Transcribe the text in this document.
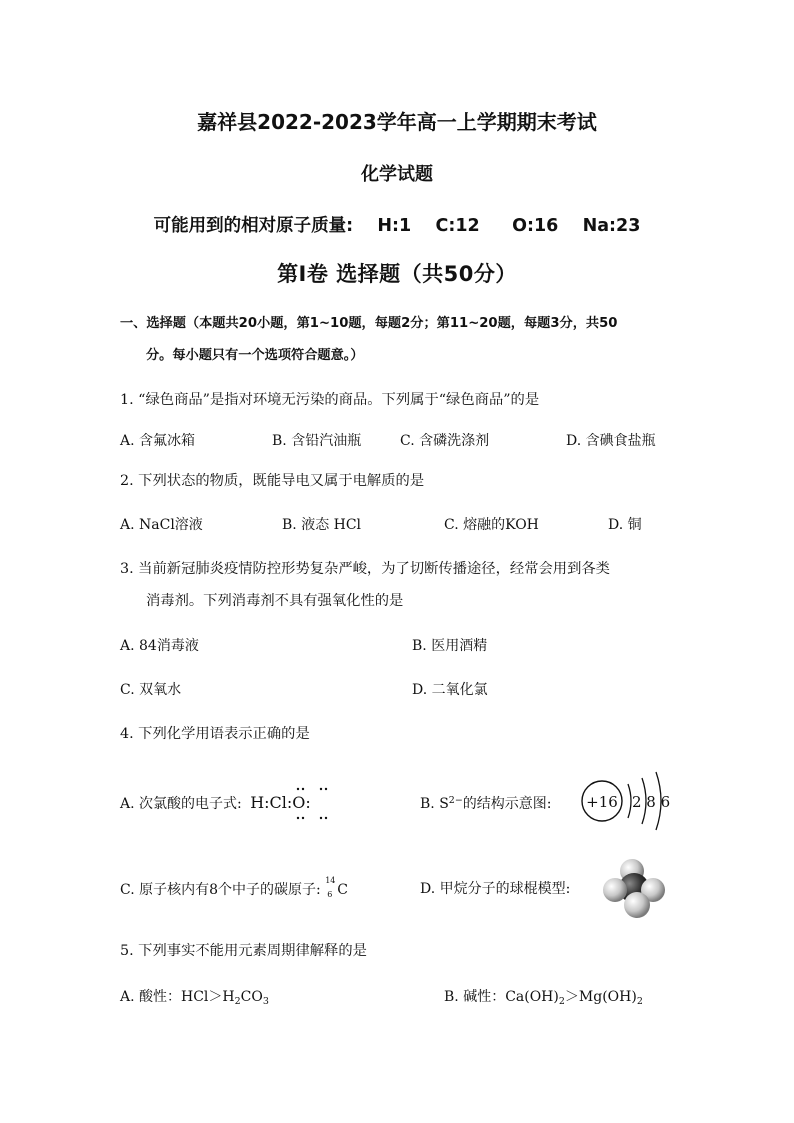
嘉祥县2022-2023学年高一上学期期末考试
化学试题
可能用到的相对原子质量:   H:1   C:12    O:16   Na:23
第Ⅰ卷 选择题（共50分）
一、选择题（本题共20小题，第1~10题，每题2分；第11~20题，每题3分，共50
分。每小题只有一个选项符合题意。）
1. “绿色商品”是指对环境无污染的商品。下列属于“绿色商品”的是
A. 含氟冰箱	B. 含铅汽油瓶	C. 含磷洗涤剂	D. 含碘食盐瓶
2. 下列状态的物质，既能导电又属于电解质的是
A. NaCl溶液	B. 液态 HCl	C. 熔融的KOH	D. 铜
3. 当前新冠肺炎疫情防控形势复杂严峻，为了切断传播途径，经常会用到各类
消毒剂。下列消毒剂不具有强氧化性的是
A. 84消毒液	B. 医用酒精
C. 双氧水	D. 二氧化氯
4. 下列化学用语表示正确的是
A. 次氯酸的电子式: H:Cl:O:	B. $S^{2-}$的结构示意图: +16 2 8 6
C. 原子核内有8个中子的碳原子:
14
6 C	D. 甲烷分子的球棍模型:
5. 下列事实不能用元素周期律解释的是
A. 酸性：$HCl>H_2CO_3$	B. 碱性：$Ca(OH)_2>Mg(OH)_2$
